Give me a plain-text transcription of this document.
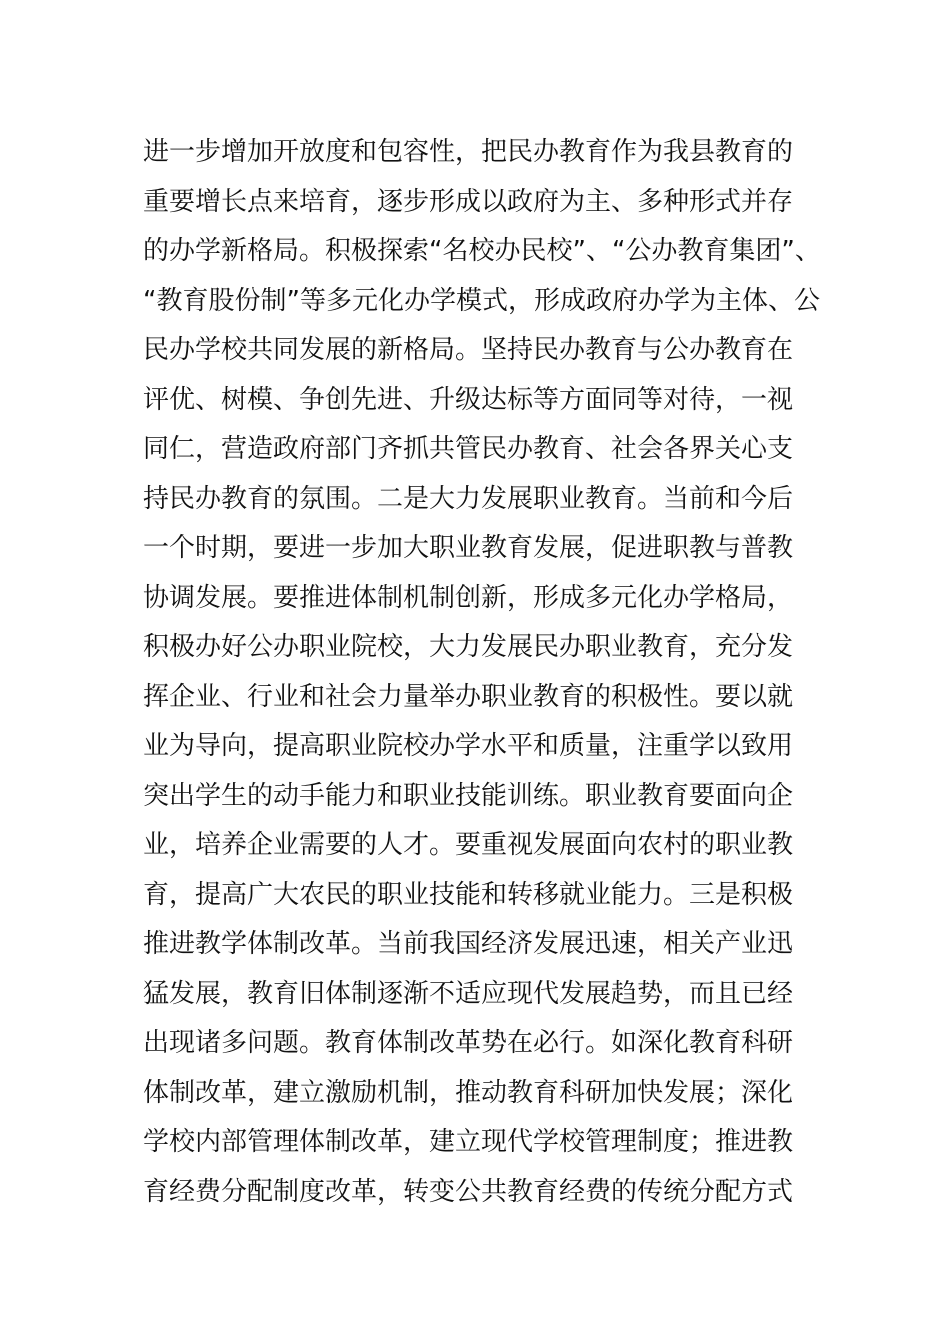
进一步增加开放度和包容性，把民办教育作为我县教育的
重要增长点来培育，逐步形成以政府为主、多种形式并存
的办学新格局。积极探索“名校办民校”、“公办教育集团”、
“教育股份制”等多元化办学模式，形成政府办学为主体、公
民办学校共同发展的新格局。坚持民办教育与公办教育在
评优、树模、争创先进、升级达标等方面同等对待，一视
同仁，营造政府部门齐抓共管民办教育、社会各界关心支
持民办教育的氛围。二是大力发展职业教育。当前和今后
一个时期，要进一步加大职业教育发展，促进职教与普教
协调发展。要推进体制机制创新，形成多元化办学格局，
积极办好公办职业院校，大力发展民办职业教育，充分发
挥企业、行业和社会力量举办职业教育的积极性。要以就
业为导向，提高职业院校办学水平和质量，注重学以致用
突出学生的动手能力和职业技能训练。职业教育要面向企
业，培养企业需要的人才。要重视发展面向农村的职业教
育，提高广大农民的职业技能和转移就业能力。三是积极
推进教学体制改革。当前我国经济发展迅速，相关产业迅
猛发展，教育旧体制逐渐不适应现代发展趋势，而且已经
出现诸多问题。教育体制改革势在必行。如深化教育科研
体制改革，建立激励机制，推动教育科研加快发展；深化
学校内部管理体制改革，建立现代学校管理制度；推进教
育经费分配制度改革，转变公共教育经费的传统分配方式
